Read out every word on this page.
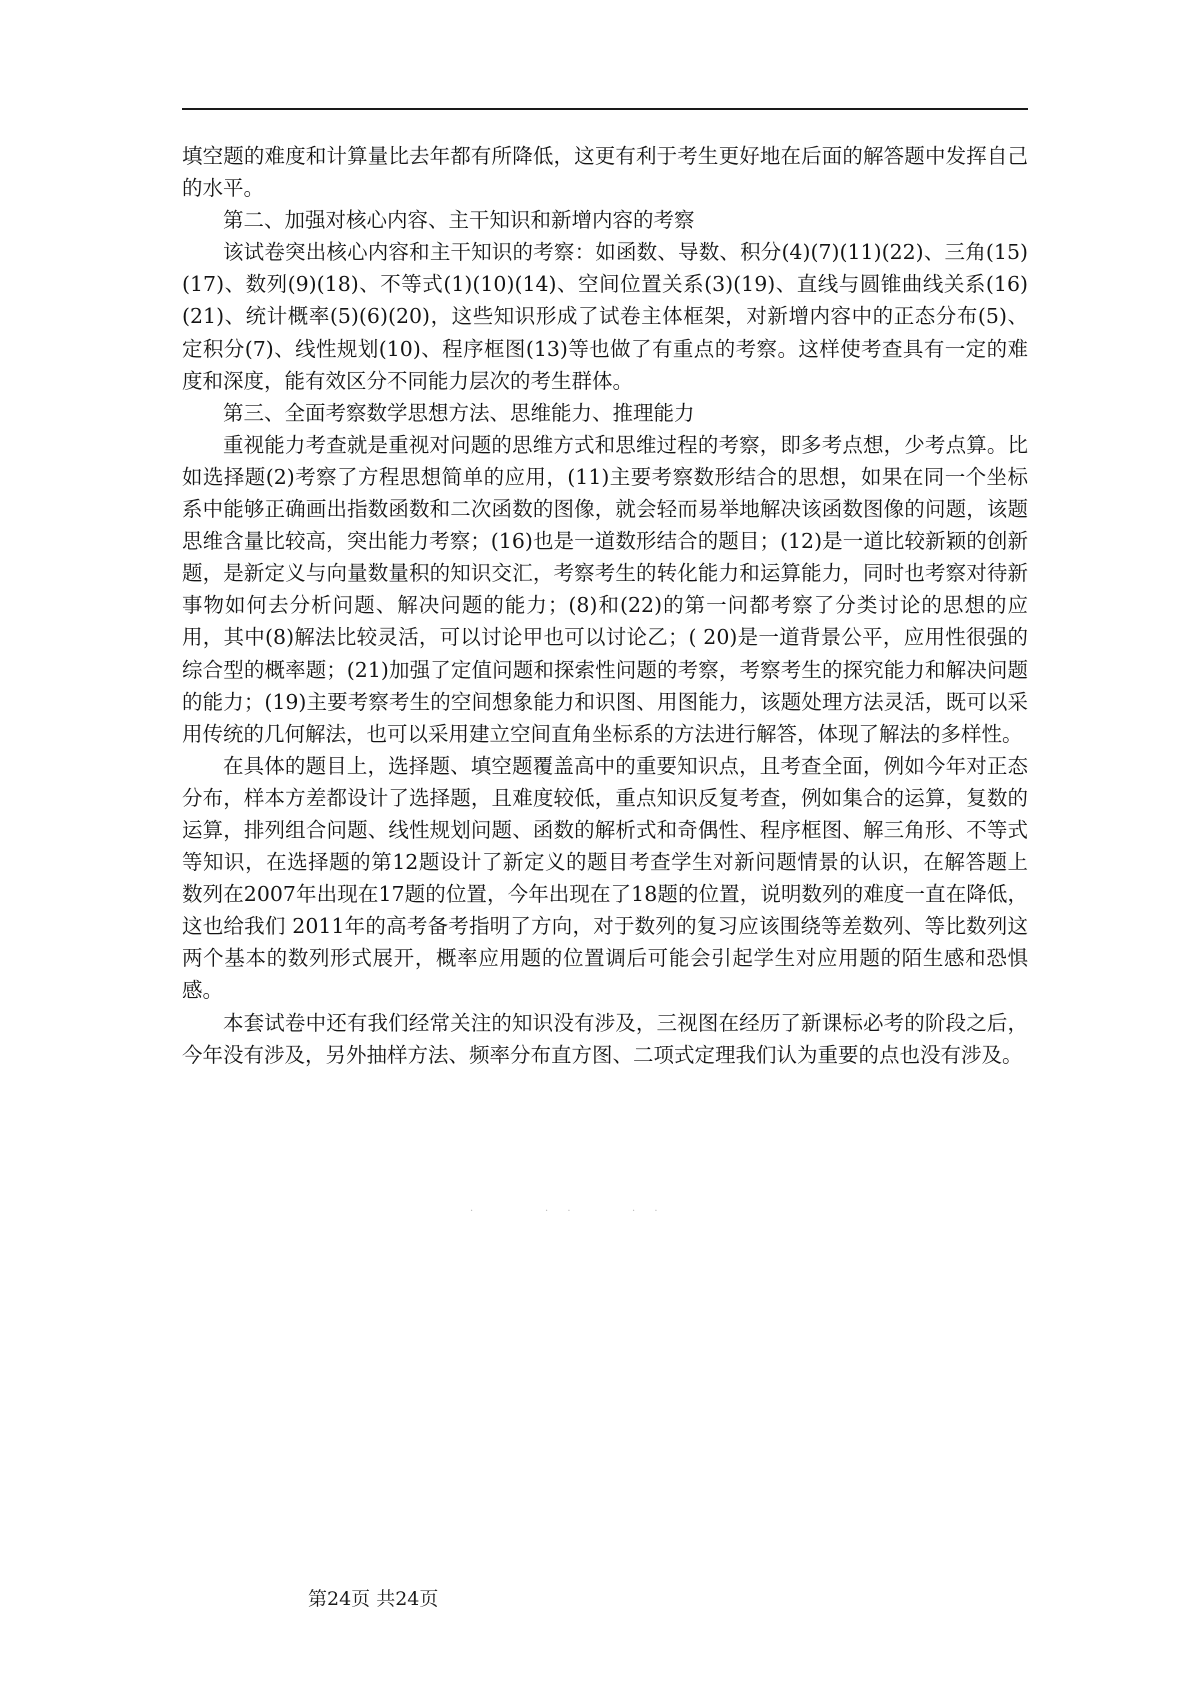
填空题的难度和计算量比去年都有所降低，这更有利于考生更好地在后面的解答题中发挥自己的水平。

第二、加强对核心内容、主干知识和新增内容的考察

该试卷突出核心内容和主干知识的考察：如函数、导数、积分(4)(7)(11)(22)、三角(15)(17)、数列(9)(18)、不等式(1)(10)(14)、空间位置关系(3)(19)、直线与圆锥曲线关系(16)(21)、统计概率(5)(6)(20)，这些知识形成了试卷主体框架，对新增内容中的正态分布(5)、定积分(7)、线性规划(10)、程序框图(13)等也做了有重点的考察。这样使考查具有一定的难度和深度，能有效区分不同能力层次的考生群体。

第三、全面考察数学思想方法、思维能力、推理能力

重视能力考查就是重视对问题的思维方式和思维过程的考察，即多考点想，少考点算。比如选择题(2)考察了方程思想简单的应用，(11)主要考察数形结合的思想，如果在同一个坐标系中能够正确画出指数函数和二次函数的图像，就会轻而易举地解决该函数图像的问题，该题思维含量比较高，突出能力考察；(16)也是一道数形结合的题目；(12)是一道比较新颖的创新题，是新定义与向量数量积的知识交汇，考察考生的转化能力和运算能力，同时也考察对待新事物如何去分析问题、解决问题的能力；(8)和(22)的第一问都考察了分类讨论的思想的应用，其中(8)解法比较灵活，可以讨论甲也可以讨论乙；( 20)是一道背景公平，应用性很强的综合型的概率题；(21)加强了定值问题和探索性问题的考察，考察考生的探究能力和解决问题的能力；(19)主要考察考生的空间想象能力和识图、用图能力，该题处理方法灵活，既可以采用传统的几何解法，也可以采用建立空间直角坐标系的方法进行解答，体现了解法的多样性。

在具体的题目上，选择题、填空题覆盖高中的重要知识点，且考查全面，例如今年对正态分布，样本方差都设计了选择题，且难度较低，重点知识反复考查，例如集合的运算，复数的运算，排列组合问题、线性规划问题、函数的解析式和奇偶性、程序框图、解三角形、不等式等知识，在选择题的第12题设计了新定义的题目考查学生对新问题情景的认识，在解答题上数列在2007年出现在17题的位置，今年出现在了18题的位置，说明数列的难度一直在降低，这也给我们 2011年的高考备考指明了方向，对于数列的复习应该围绕等差数列、等比数列这两个基本的数列形式展开，概率应用题的位置调后可能会引起学生对应用题的陌生感和恐惧感。

本套试卷中还有我们经常关注的知识没有涉及，三视图在经历了新课标必考的阶段之后，今年没有涉及，另外抽样方法、频率分布直方图、二项式定理我们认为重要的点也没有涉及。

·	· ·	· ·
第24页 共24页
